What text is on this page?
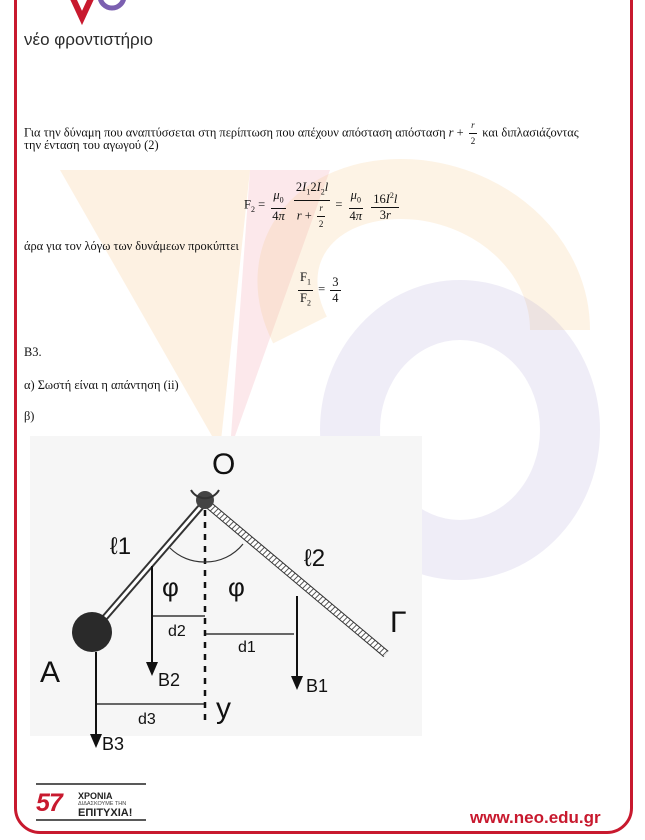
νέο φροντιστήριο
Για την δύναμη που αναπτύσσεται στη περίπτωση που απέχουν απόσταση απόσταση $r + \frac{r}{2}$ και διπλασιάζοντας
την ένταση του αγωγού (2)
$F_2 = \frac{\mu_0}{4\pi}$
$\frac{2I_12I_2l}{r + \frac{r}{2}} = \frac{\mu_0}{4\pi}$
$\frac{16I^2l}{3r}$
άρα για τον λόγω των δυνάμεων προκύπτει
$\frac{F_1}{F_2} = \frac{3}{4}$
Β3.
α) Σωστή είναι η απάντηση (ii)
β)
O
ℓ1	ℓ2
φ φ
Γ
A
d2
d1
d3
B2	B1
B3
y
57	ΧΡΟΝΙΑ
ΔΙΔΑΣΚΟΥΜΕ ΤΗΝ
ΕΠΙΤΥΧΙΑ!	www.neo.edu.gr
